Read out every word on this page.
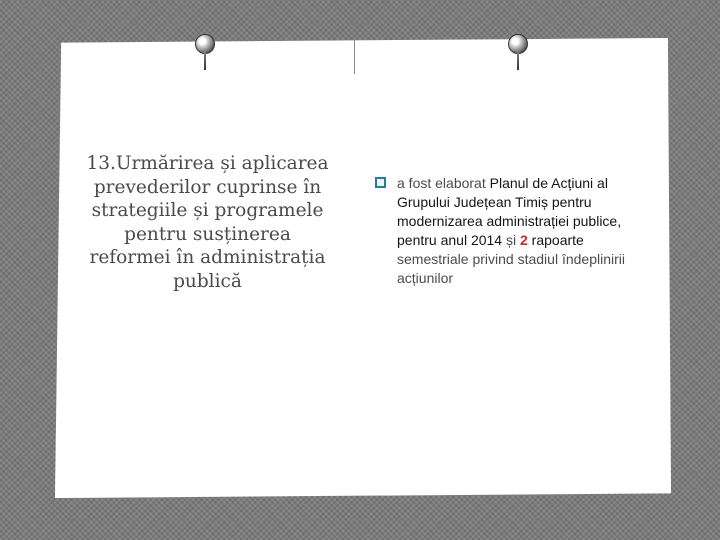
13.Urmărirea și aplicarea prevederilor cuprinse în strategiile și programele pentru susținerea reformei în administrația publică
a fost elaborat Planul de Acțiuni al Grupului Județean Timiș pentru modernizarea administrației publice, pentru anul 2014 și 2 rapoarte semestriale privind stadiul îndeplinirii acțiunilor
